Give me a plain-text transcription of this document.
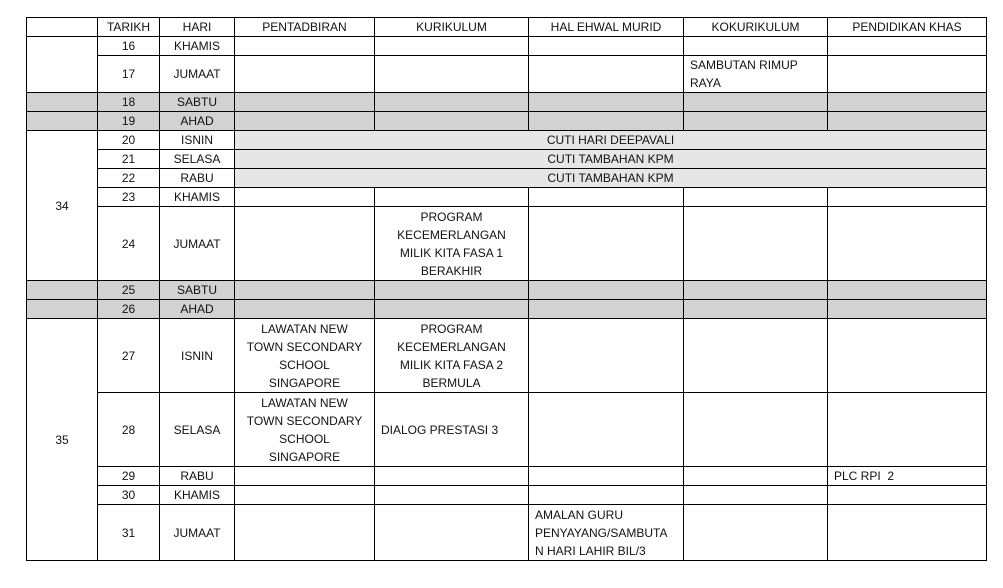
	TARIKH	HARI	PENTADBIRAN	KURIKULUM	HAL EHWAL MURID	KOKURIKULUM	PENDIDIKAN KHAS
	16	KHAMIS					
	17	JUMAAT				SAMBUTAN RIMUP
RAYA	
	18	SABTU					
	19	AHAD					
34	20	ISNIN	CUTI HARI DEEPAVALI				
	21	SELASA	CUTI TAMBAHAN KPM				
	22	RABU	CUTI TAMBAHAN KPM				
	23	KHAMIS					
	24	JUMAAT		PROGRAM
KECEMERLANGAN
MILIK KITA FASA 1
BERAKHIR			
	25	SABTU					
	26	AHAD					
35	27	ISNIN	LAWATAN NEW
TOWN SECONDARY
SCHOOL
SINGAPORE	PROGRAM
KECEMERLANGAN
MILIK KITA FASA 2
BERMULA			
	28	SELASA	LAWATAN NEW
TOWN SECONDARY
SCHOOL
SINGAPORE	DIALOG PRESTASI 3			
	29	RABU					PLC RPI  2
	30	KHAMIS					
	31	JUMAAT			AMALAN GURU
PENYAYANG/SAMBUTA
N HARI LAHIR BIL/3		
